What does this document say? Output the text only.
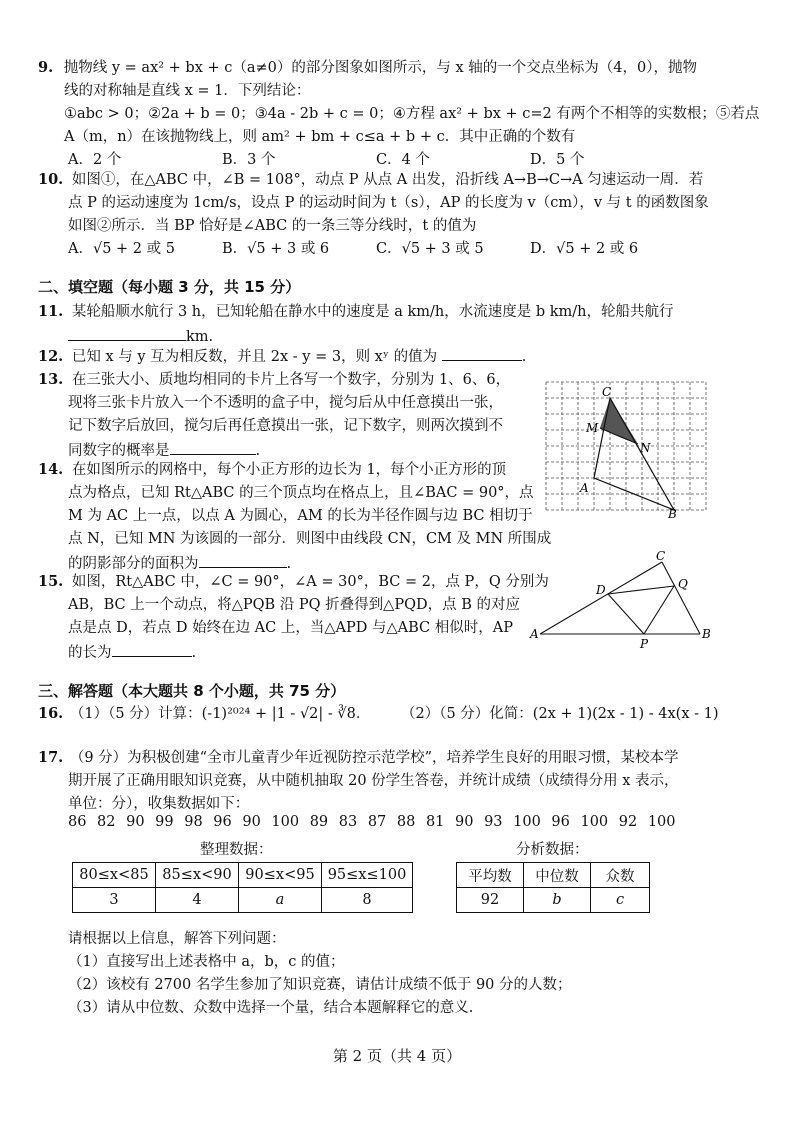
9. 抛物线 y = ax² + bx + c（a≠0）的部分图象如图所示，与 x 轴的一个交点坐标为（4，0），抛物
线的对称轴是直线 x = 1．下列结论：
①abc > 0；②2a + b = 0；③4a - 2b + c = 0；④方程 ax² + bx + c=2 有两个不相等的实数根；⑤若点
A（m，n）在该抛物线上，则 am² + bm + c≤a + b + c．其中正确的个数有
A．2 个	B．3 个	C．4 个	D．5 个
10. 如图①，在△ABC 中，∠B = 108°，动点 P 从点 A 出发，沿折线 A→B→C→A 匀速运动一周．若
点 P 的运动速度为 1cm/s，设点 P 的运动时间为 t（s），AP 的长度为 v（cm），v 与 t 的函数图象
如图②所示．当 BP 恰好是∠ABC 的一条三等分线时，t 的值为
A．√5 + 2 或 5	B．√5 + 3 或 6	C．√5 + 3 或 5	D．√5 + 2 或 6
二、填空题（每小题 3 分，共 15 分）
11. 某轮船顺水航行 3 h，已知轮船在静水中的速度是 a km/h，水流速度是 b km/h，轮船共航行
km.
12. 已知 x 与 y 互为相反数，并且 2x - y = 3，则 xʸ 的值为	.
13. 在三张大小、质地均相同的卡片上各写一个数字，分别为 1、6、6，
现将三张卡片放入一个不透明的盒子中，搅匀后从中任意摸出一张，
记下数字后放回，搅匀后再任意摸出一张，记下数字，则两次摸到不
同数字的概率是	.
14. 在如图所示的网格中，每个小正方形的边长为 1，每个小正方形的顶
点为格点，已知 Rt△ABC 的三个顶点均在格点上，且∠BAC = 90°，点
M 为 AC 上一点，以点 A 为圆心，AM 的长为半径作圆与边 BC 相切于
点 N，已知 MN 为该圆的一部分．则图中由线段 CN，CM 及 MN 所围成
的阴影部分的面积为	.
15. 如图，Rt△ABC 中，∠C = 90°，∠A = 30°，BC = 2，点 P，Q 分别为
AB，BC 上一个动点，将△PQB 沿 PQ 折叠得到△PQD，点 B 的对应
点是点 D，若点 D 始终在边 AC 上，当△APD 与△ABC 相似时，AP
的长为	.
C
M
N
A
B
C
D	Q
A
P
B
三、解答题（本大题共 8 个小题，共 75 分）
16. （1）（5 分）计算：(-1)²⁰²⁴ + |1 - √2| - ∛8． （2）（5 分）化简：(2x + 1)(2x - 1) - 4x(x - 1)
17. （9 分）为积极创建“全市儿童青少年近视防控示范学校”，培养学生良好的用眼习惯，某校本学
期开展了正确用眼知识竞赛，从中随机抽取 20 份学生答卷，并统计成绩（成绩得分用 x 表示，
单位：分），收集数据如下：
86 82 90 99 98 96 90 100 89 83 87 88 81 90 93 100 96 100 92 100
整理数据：	分析数据：
80≤x<85	85≤x<90	90≤x<95	95≤x≤100
3	4	a	8
平均数	中位数	众数
92	b	c
请根据以上信息，解答下列问题：
（1）直接写出上述表格中 a，b，c 的值；
（2）该校有 2700 名学生参加了知识竞赛，请估计成绩不低于 90 分的人数；
（3）请从中位数、众数中选择一个量，结合本题解释它的意义.
第 2 页（共 4 页）
